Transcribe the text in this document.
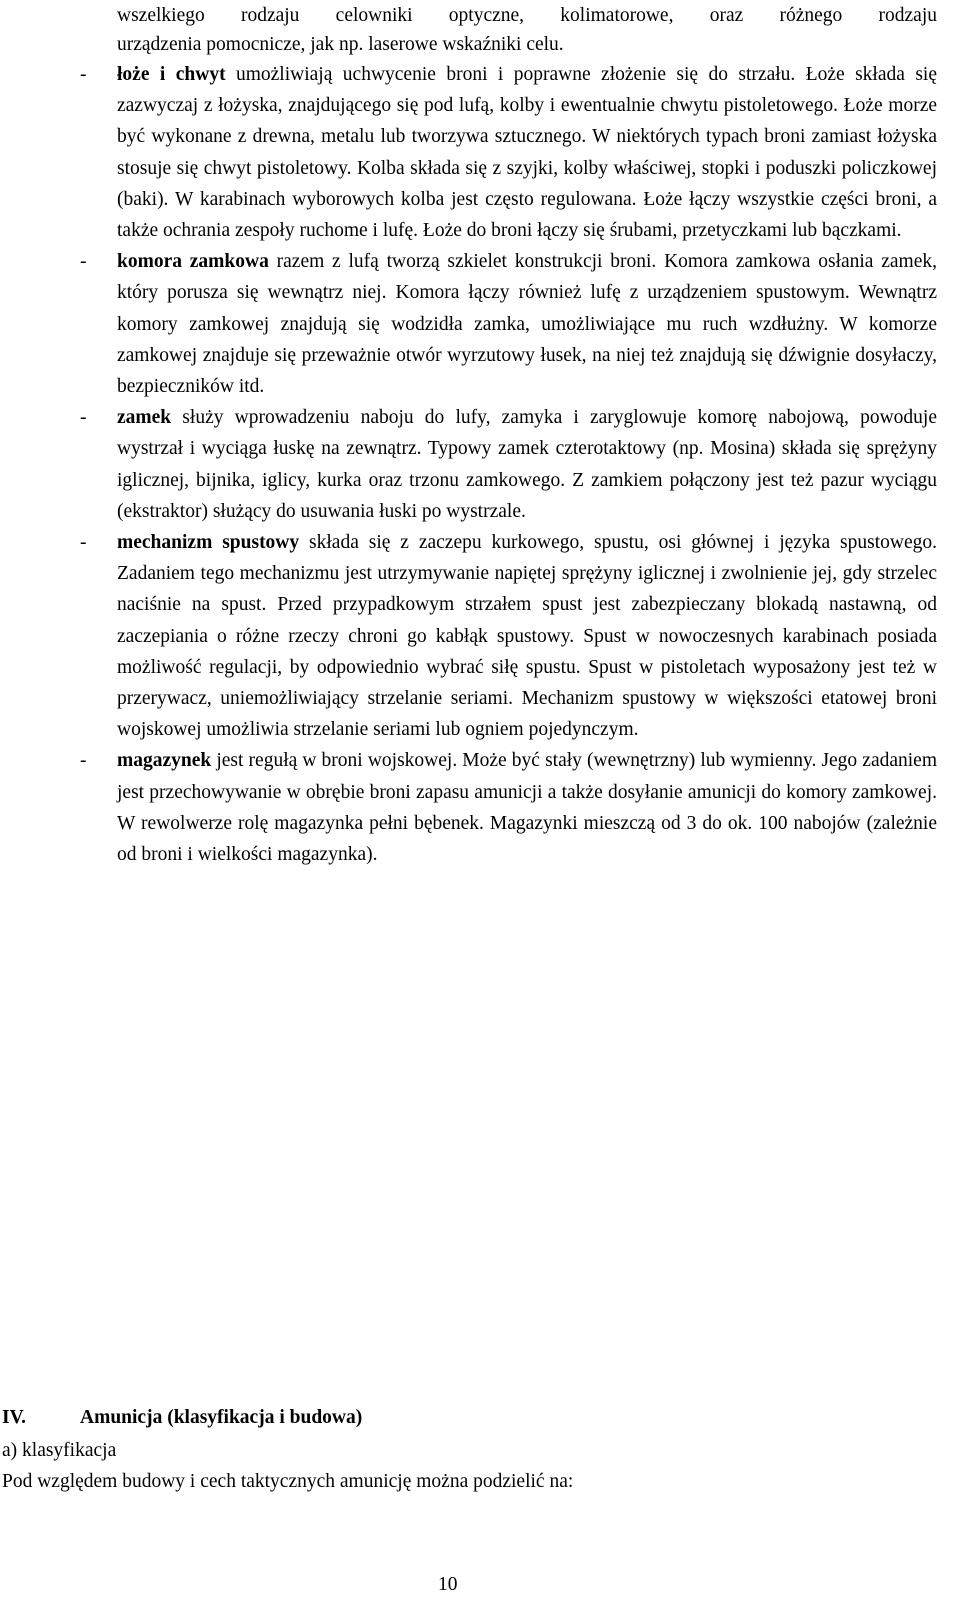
wszelkiego rodzaju celowniki optyczne, kolimatorowe, oraz różnego rodzaju
urządzenia pomocnicze, jak np. laserowe wskaźniki celu.
- łoże i chwyt umożliwiają uchwycenie broni i poprawne złożenie się do strzału. Łoże składa się zazwyczaj z łożyska, znajdującego się pod lufą, kolby i ewentualnie chwytu pistoletowego. Łoże morze być wykonane z drewna, metalu lub tworzywa sztucznego. W niektórych typach broni zamiast łożyska stosuje się chwyt pistoletowy. Kolba składa się z szyjki, kolby właściwej, stopki i poduszki policzkowej (baki). W karabinach wyborowych kolba jest często regulowana. Łoże łączy wszystkie części broni, a także ochrania zespoły ruchome i lufę. Łoże do broni łączy się śrubami, przetyczkami lub bączkami.
- komora zamkowa razem z lufą tworzą szkielet konstrukcji broni. Komora zamkowa osłania zamek, który porusza się wewnątrz niej. Komora łączy również lufę z urządzeniem spustowym. Wewnątrz komory zamkowej znajdują się wodzidła zamka, umożliwiające mu ruch wzdłużny. W komorze zamkowej znajduje się przeważnie otwór wyrzutowy łusek, na niej też znajdują się dźwignie dosyłaczy, bezpieczników itd.
- zamek służy wprowadzeniu naboju do lufy, zamyka i zaryglowuje komorę nabojową, powoduje wystrzał i wyciąga łuskę na zewnątrz. Typowy zamek czterotaktowy (np. Mosina) składa się sprężyny iglicznej, bijnika, iglicy, kurka oraz trzonu zamkowego. Z zamkiem połączony jest też pazur wyciągu (ekstraktor) służący do usuwania łuski po wystrzale.
- mechanizm spustowy składa się z zaczepu kurkowego, spustu, osi głównej i języka spustowego. Zadaniem tego mechanizmu jest utrzymywanie napiętej sprężyny iglicznej i zwolnienie jej, gdy strzelec naciśnie na spust. Przed przypadkowym strzałem spust jest zabezpieczany blokadą nastawną, od zaczepiania o różne rzeczy chroni go kabłąk spustowy. Spust w nowoczesnych karabinach posiada możliwość regulacji, by odpowiednio wybrać siłę spustu. Spust w pistoletach wyposażony jest też w przerywacz, uniemożliwiający strzelanie seriami. Mechanizm spustowy w większości etatowej broni wojskowej umożliwia strzelanie seriami lub ogniem pojedynczym.
- magazynek jest regułą w broni wojskowej. Może być stały (wewnętrzny) lub wymienny. Jego zadaniem jest przechowywanie w obrębie broni zapasu amunicji a także dosyłanie amunicji do komory zamkowej. W rewolwerze rolę magazynka pełni bębenek. Magazynki mieszczą od 3 do ok. 100 nabojów (zależnie od broni i wielkości magazynka).
IV.	Amunicja (klasyfikacja i budowa)
a) klasyfikacja
Pod względem budowy i cech taktycznych amunicję można podzielić na:
10
